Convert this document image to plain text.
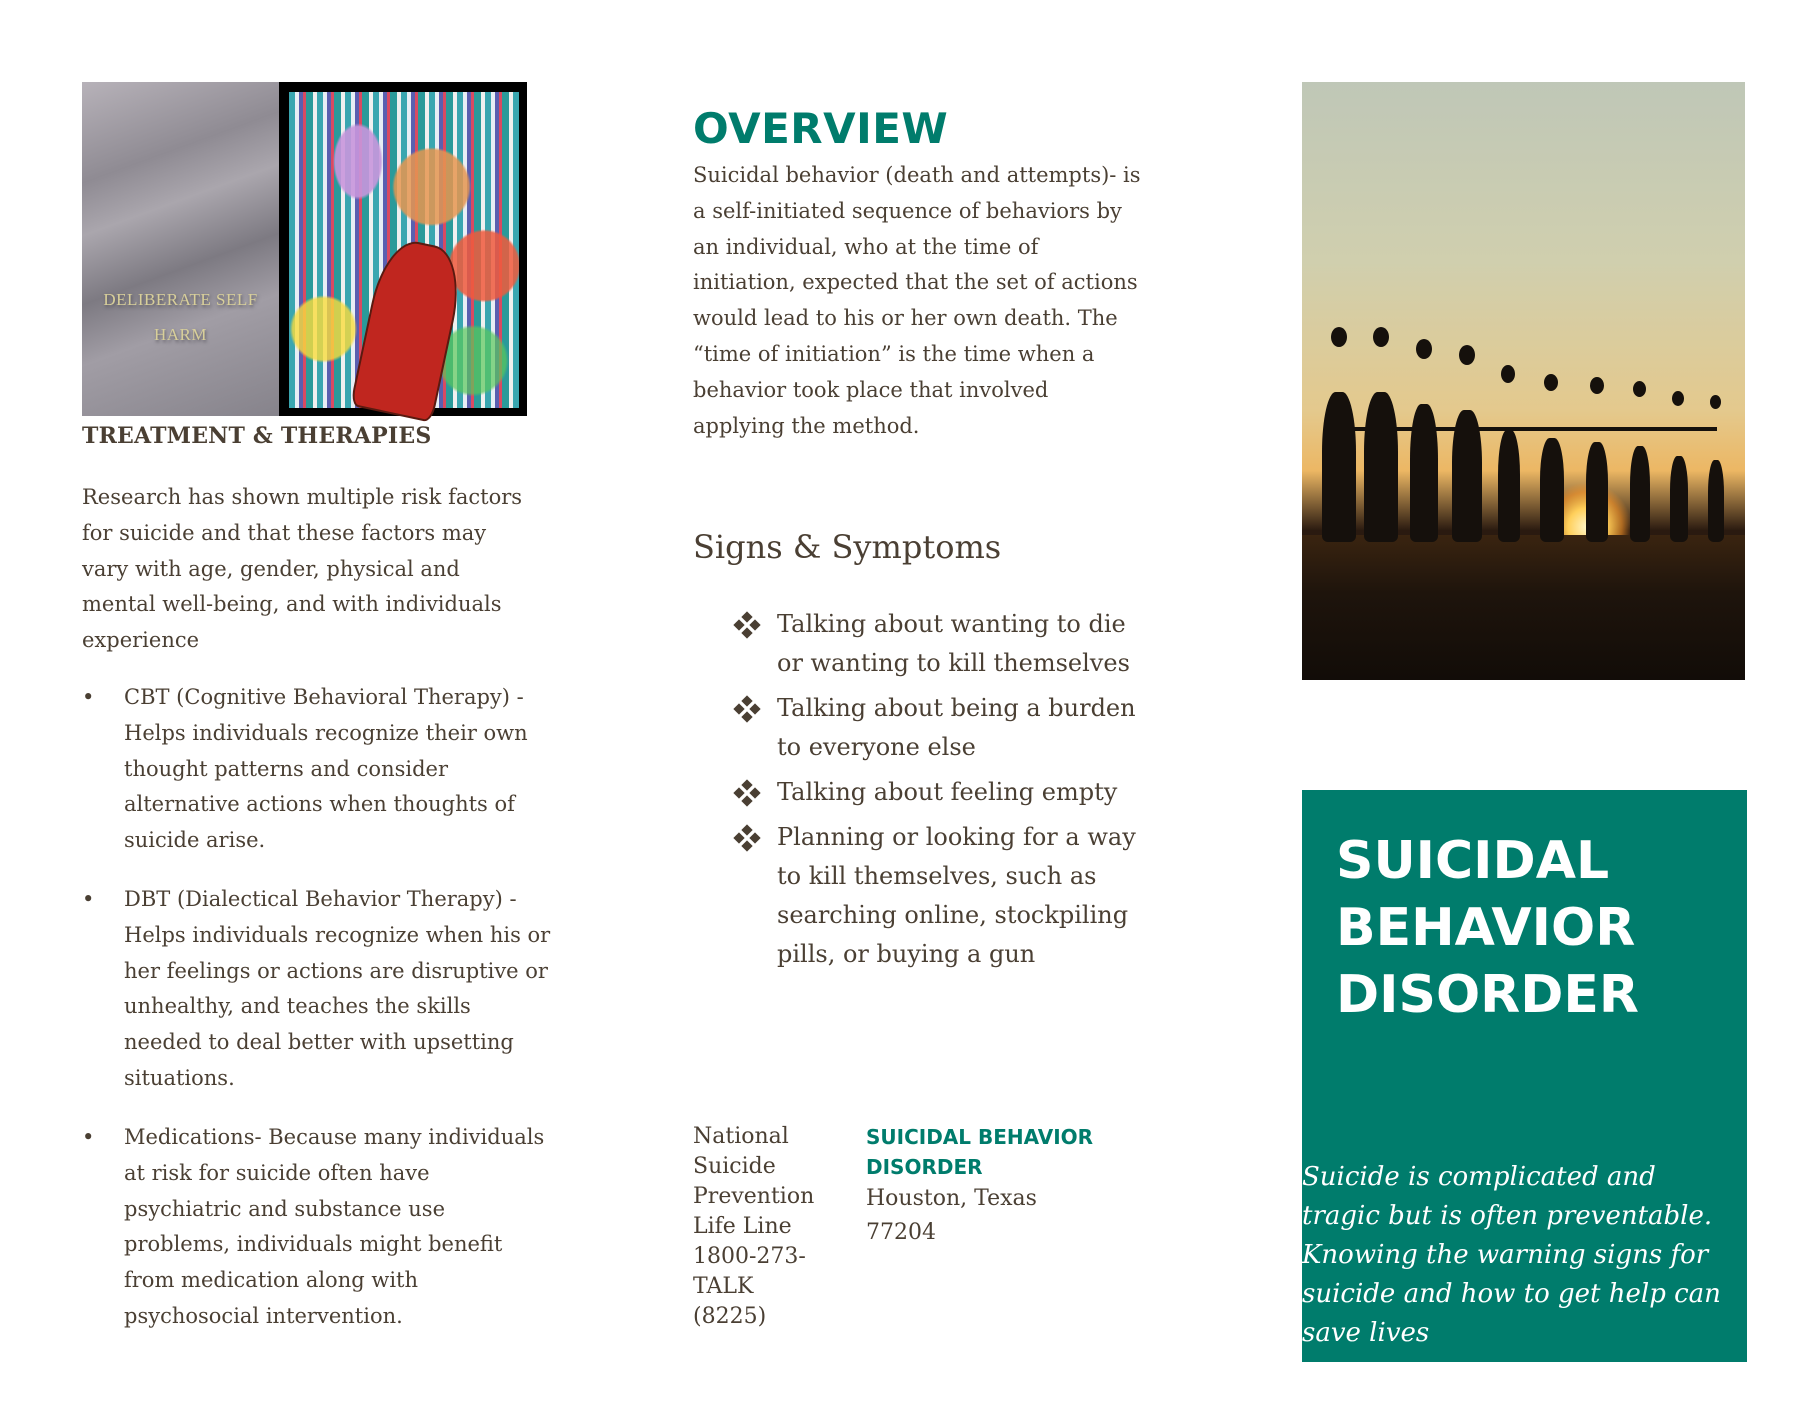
DELIBERATE SELF
HARM
TREATMENT & THERAPIES
Research has shown multiple risk factors for suicide and that these factors may vary with age, gender, physical and mental well-being, and with individuals experience
•	CBT (Cognitive Behavioral Therapy) - Helps individuals recognize their own thought patterns and consider alternative actions when thoughts of suicide arise.
•	DBT (Dialectical Behavior Therapy) - Helps individuals recognize when his or her feelings or actions are disruptive or unhealthy, and teaches the skills needed to deal better with upsetting situations.
•	Medications- Because many individuals at risk for suicide often have psychiatric and substance use problems, individuals might benefit from medication along with psychosocial intervention.
OVERVIEW
Suicidal behavior (death and attempts)- is a self-initiated sequence of behaviors by an individual, who at the time of initiation, expected that the set of actions would lead to his or her own death. The “time of initiation” is the time when a behavior took place that involved applying the method.
Signs & Symptoms
Talking about wanting to die or wanting to kill themselves
Talking about being a burden to everyone else
Talking about feeling empty
Planning or looking for a way to kill themselves, such as searching online, stockpiling pills, or buying a gun
National
Suicide
Prevention
Life Line
1800-273-
TALK
(8225)
SUICIDAL BEHAVIOR
DISORDER
Houston, Texas
77204
SUICIDAL
BEHAVIOR
DISORDER
Suicide is complicated and tragic but is often preventable. Knowing the warning signs for suicide and how to get help can save lives
